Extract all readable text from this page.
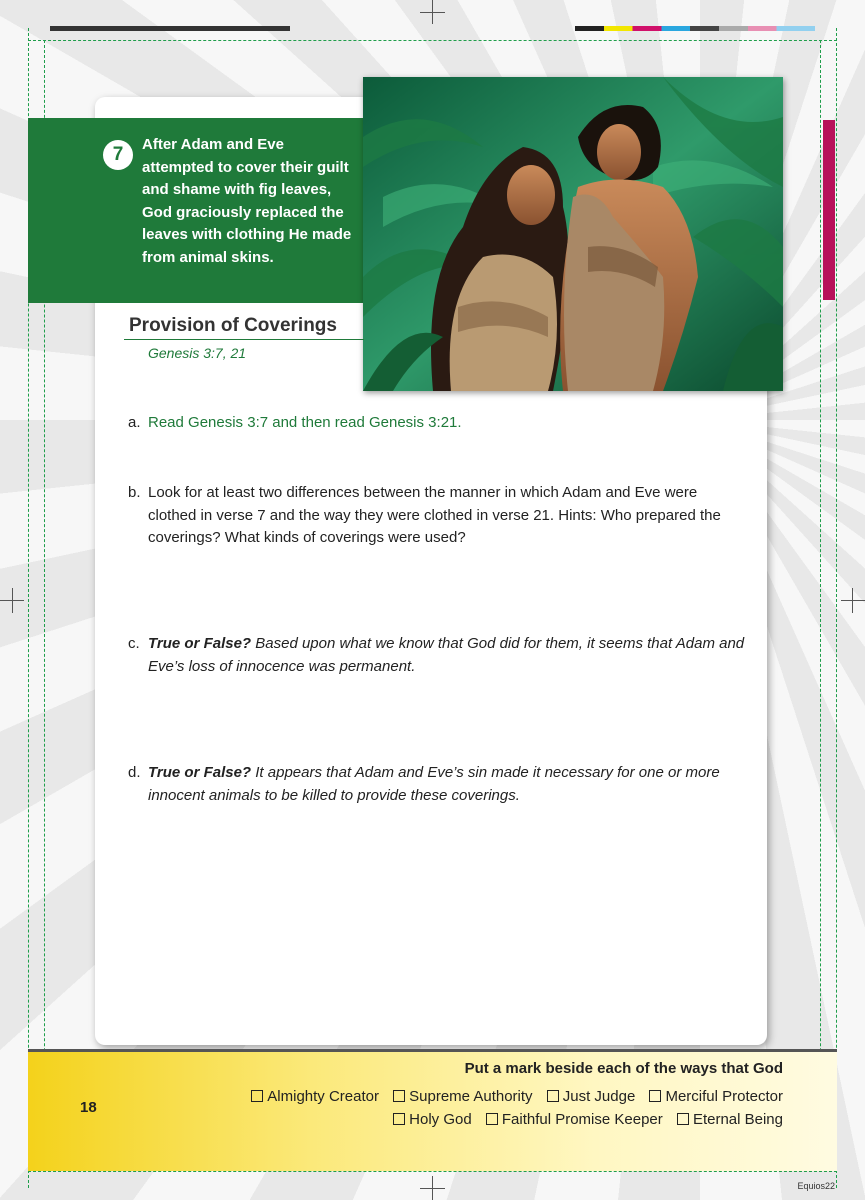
7	After Adam and Eve attempted to cover their guilt and shame with fig leaves, God graciously replaced the leaves with clothing He made from animal skins.
Provision of Coverings
Genesis 3:7, 21
a. Read Genesis 3:7 and then read Genesis 3:21.
b. Look for at least two differences between the manner in which Adam and Eve were clothed in verse 7 and the way they were clothed in verse 21. Hints: Who prepared the coverings? What kinds of coverings were used?
c. True or False? Based upon what we know that God did for them, it seems that Adam and Eve’s loss of innocence was permanent.
d. True or False? It appears that Adam and Eve’s sin made it necessary for one or more innocent animals to be killed to provide these coverings.
18
Put a mark beside each of the ways that God
Almighty Creator Supreme Authority Just Judge Merciful Protector
Holy God Faithful Promise Keeper Eternal Being
Equios22
